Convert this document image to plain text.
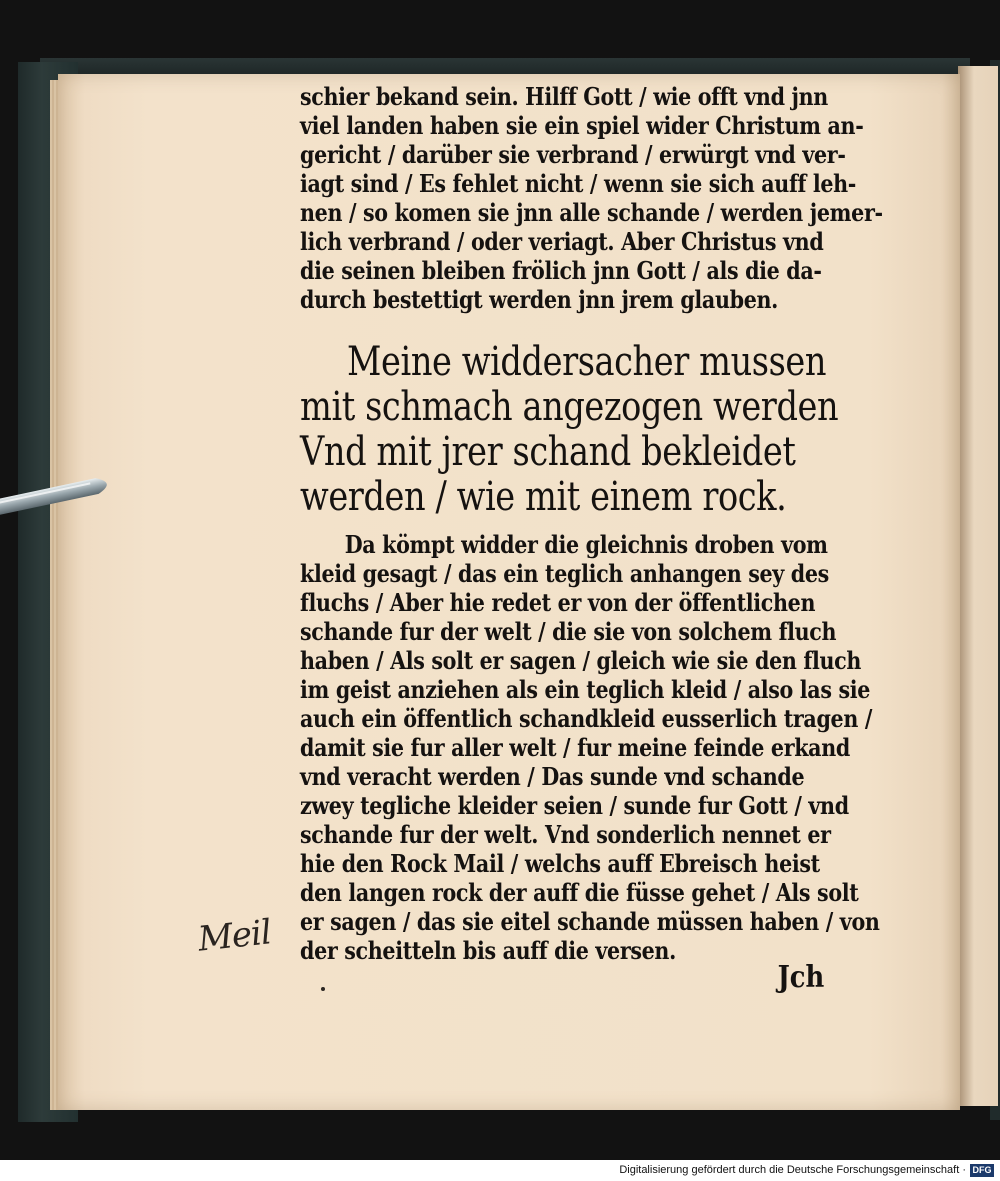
Meil
schier bekand sein. Hilff Gott / wie offt vnd jnn
viel landen haben sie ein spiel wider Christum an-
gericht / darüber sie verbrand / erwürgt vnd ver-
iagt sind / Es fehlet nicht / wenn sie sich auff leh-
nen / so komen sie jnn alle schande / werden jemer-
lich verbrand / oder veriagt. Aber Christus vnd
die seinen bleiben frölich jnn Gott / als die da-
durch bestettigt werden jnn jrem glauben.
Meine widdersacher mussen
mit schmach angezogen werden
Vnd mit jrer schand bekleidet
werden / wie mit einem rock.
Da kömpt widder die gleichnis droben vom
kleid gesagt / das ein teglich anhangen sey des
fluchs / Aber hie redet er von der öffentlichen
schande fur der welt / die sie von solchem fluch
haben / Als solt er sagen / gleich wie sie den fluch
im geist anziehen als ein teglich kleid / also las sie
auch ein öffentlich schandkleid eusserlich tragen /
damit sie fur aller welt / fur meine feinde erkand
vnd veracht werden / Das sunde vnd schande
zwey tegliche kleider seien / sunde fur Gott / vnd
schande fur der welt. Vnd sonderlich nennet er
hie den Rock Mail / welchs auff Ebreisch heist
den langen rock der auff die füsse gehet / Als solt
er sagen / das sie eitel schande müssen haben / von
der scheitteln bis auff die versen.
Jch
Digitalisierung gefördert durch die Deutsche Forschungsgemeinschaft · DFG
